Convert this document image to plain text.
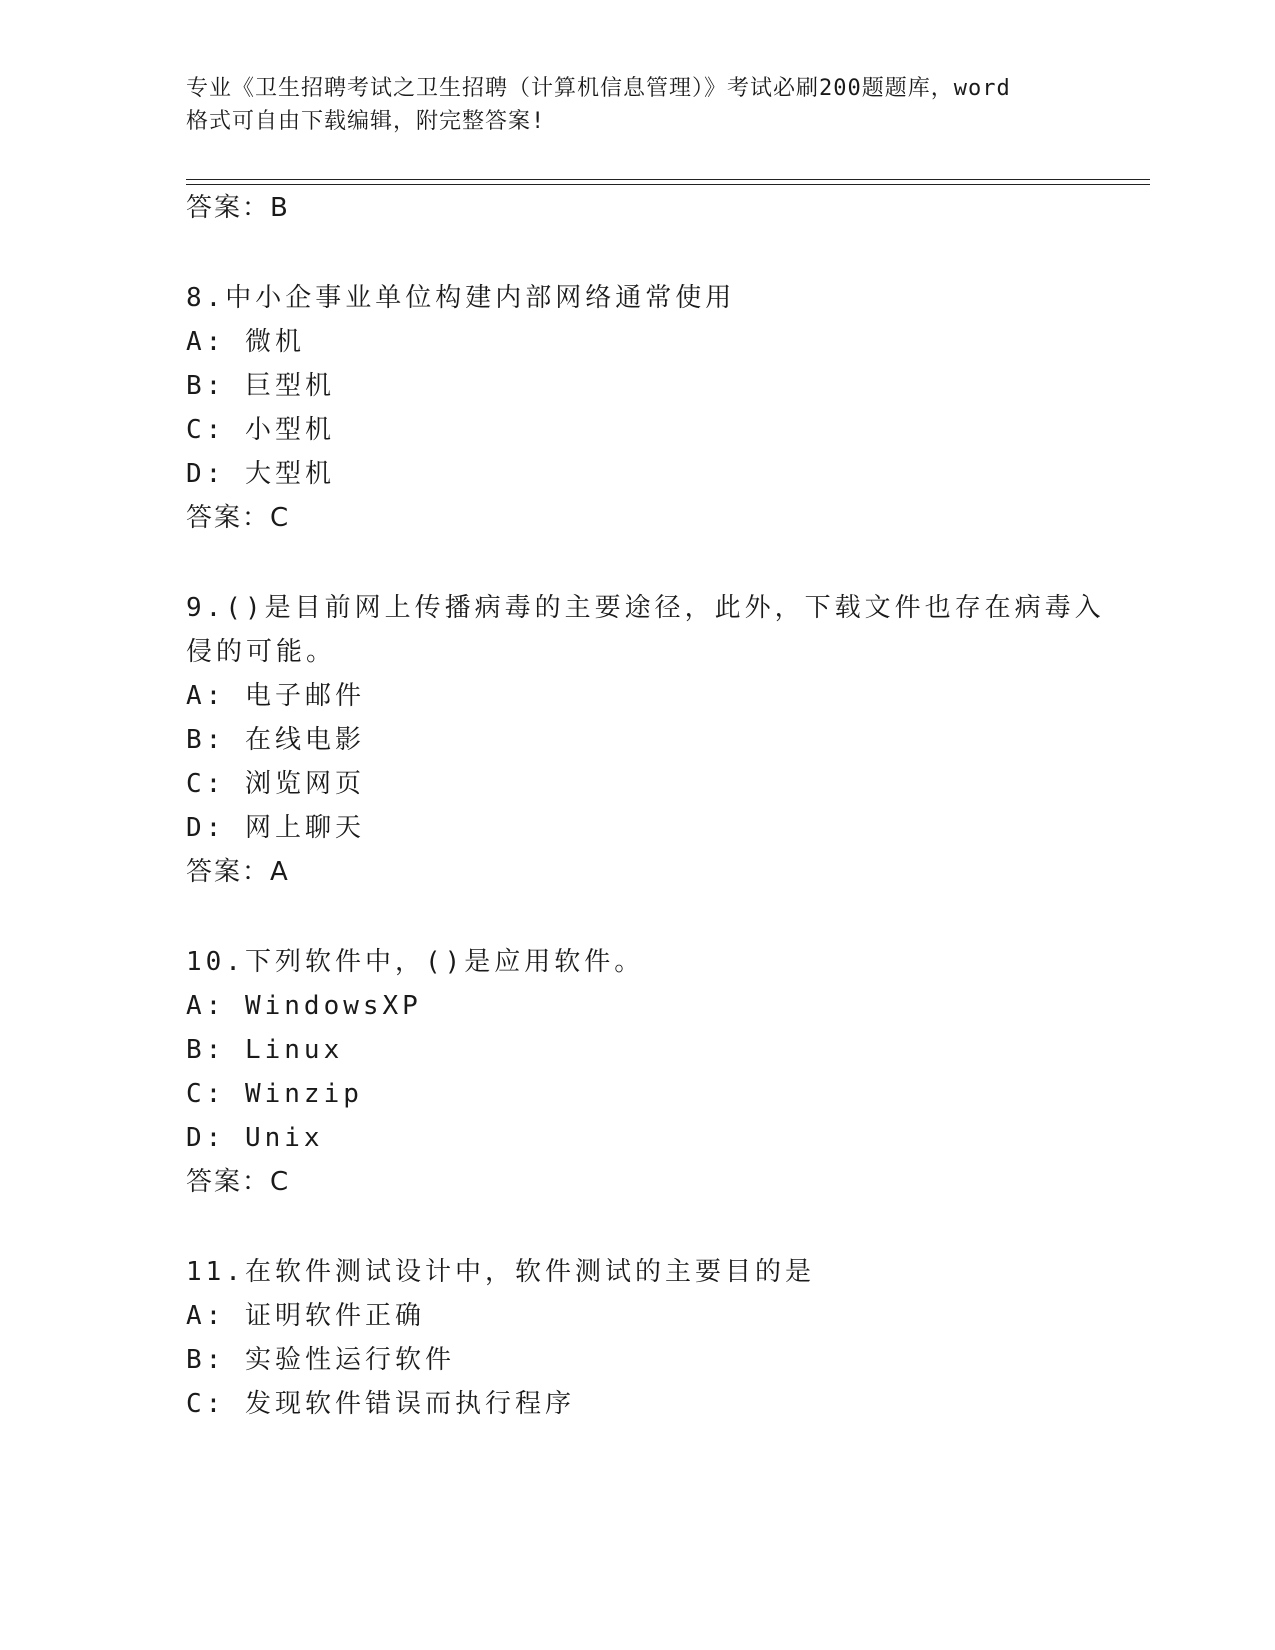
专业《卫生招聘考试之卫生招聘（计算机信息管理）》考试必刷200题题库，word
格式可自由下载编辑，附完整答案!
答案：B
8.中小企事业单位构建内部网络通常使用
A: 微机
B: 巨型机
C: 小型机
D: 大型机
答案：C
9.()是目前网上传播病毒的主要途径，此外，下载文件也存在病毒入
侵的可能。
A: 电子邮件
B: 在线电影
C: 浏览网页
D: 网上聊天
答案：A
10.下列软件中，()是应用软件。
A: WindowsXP
B: Linux
C: Winzip
D: Unix
答案：C
11.在软件测试设计中，软件测试的主要目的是
A: 证明软件正确
B: 实验性运行软件
C: 发现软件错误而执行程序
